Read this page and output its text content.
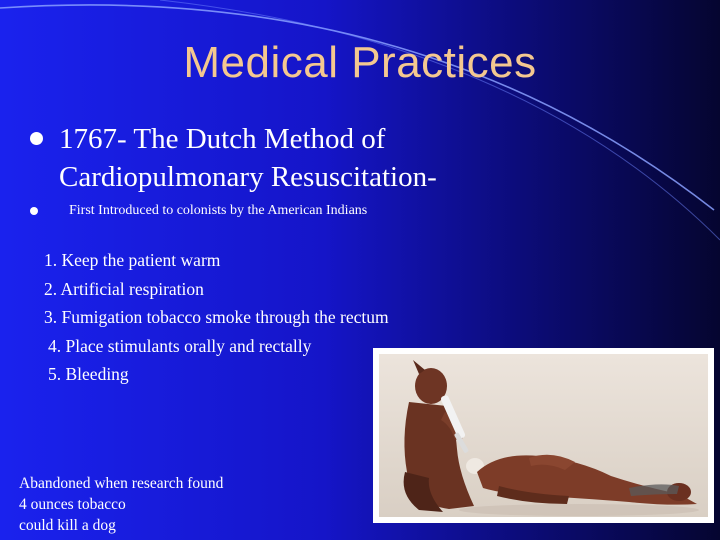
Medical Practices
1767- The Dutch Method of
Cardiopulmonary Resuscitation-
First Introduced to colonists by the American Indians
1. Keep the patient warm
2. Artificial respiration
3. Fumigation tobacco smoke through the rectum
4. Place stimulants orally and rectally
5. Bleeding
Abandoned when research found
4 ounces tobacco
could kill a dog
